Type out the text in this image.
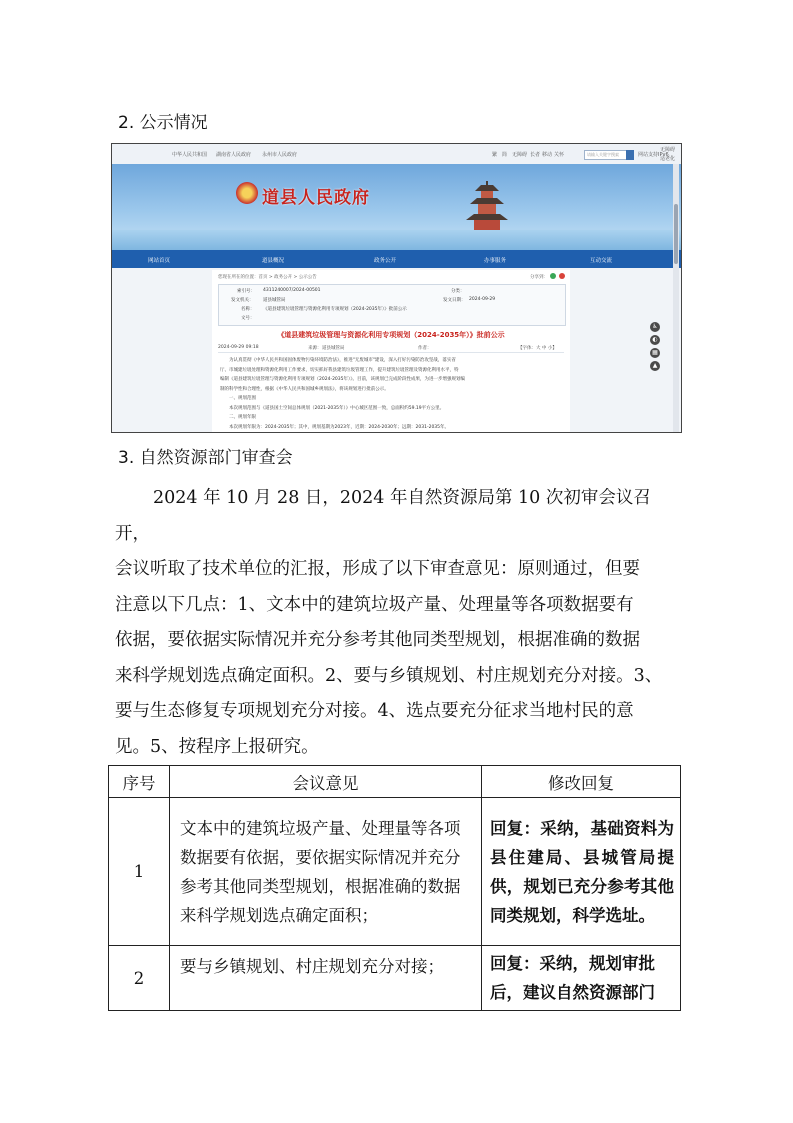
2. 公示情况
中华人民共和国 湖南省人民政府 永州市人民政府	繁 简 无障碍 长者 移动 关怀	请输入关键字搜索	网站支持IPv6
无障碍
适老化
道县人民政府
网站首页	道县概况	政务公开	办事服务	互动交流
您现在所在的位置：首页 > 政务公开 > 公示公告	分享到：
索引号： 4311240007/2024-00501	分类：
发文机关： 道县城管局	发文日期： 2024-09-29
名称： 《道县建筑垃圾管理与资源化利用专项规划（2024-2035年）》批前公示
文号：
《道县建筑垃圾管理与资源化利用专项规划（2024-2035年）》批前公示
2024-09-29 09:18	来源： 道县城管局	作者：	【字体：大 中 小】
为认真贯彻《中华人民共和国固体废物污染环境防治法》，推进"无废城市"建设，深入打好污染防治攻坚战，落实省
厅、市城建垃圾处理和资源化利用工作要求，切实抓好我县建筑垃圾管理工作，提升建筑垃圾管理及资源化利用水平，特
编制《道县建筑垃圾管理与资源化利用专项规划（2024-2035年）》。目前，该规划已完成阶段性成果，为进一步增强规划编
制的科学性和合理性，根据《中华人民共和国城乡规划法》，将该规划进行批前公示。
一、规划范围
本次规划范围与《道县国土空间总体规划（2021-2035年）》中心城区范围一致，总面积约59.19平方公里。
二、规划年限
本次规划年限为：2024-2035年；其中，规划基期为2023年，近期：2024-2030年；远期：2031-2035年。
♿
◐
▦
▲
3. 自然资源部门审查会
2024 年 10 月 28 日，2024 年自然资源局第 10 次初审会议召开，
会议听取了技术单位的汇报，形成了以下审查意见：原则通过，但要
注意以下几点：1、文本中的建筑垃圾产量、处理量等各项数据要有
依据，要依据实际情况并充分参考其他同类型规划，根据准确的数据
来科学规划选点确定面积。2、要与乡镇规划、村庄规划充分对接。3、
要与生态修复专项规划充分对接。4、选点要充分征求当地村民的意
见。5、按程序上报研究。
序号	会议意见	修改回复
1	文本中的建筑垃圾产量、处理量等各项数据要有依据，要依据实际情况并充分参考其他同类型规划，根据准确的数据来科学规划选点确定面积；	回复：采纳，基础资料为县住建局、县城管局提供，规划已充分参考其他同类规划，科学选址。
2	要与乡镇规划、村庄规划充分对接；	回复：采纳，规划审批后，建议自然资源部门
